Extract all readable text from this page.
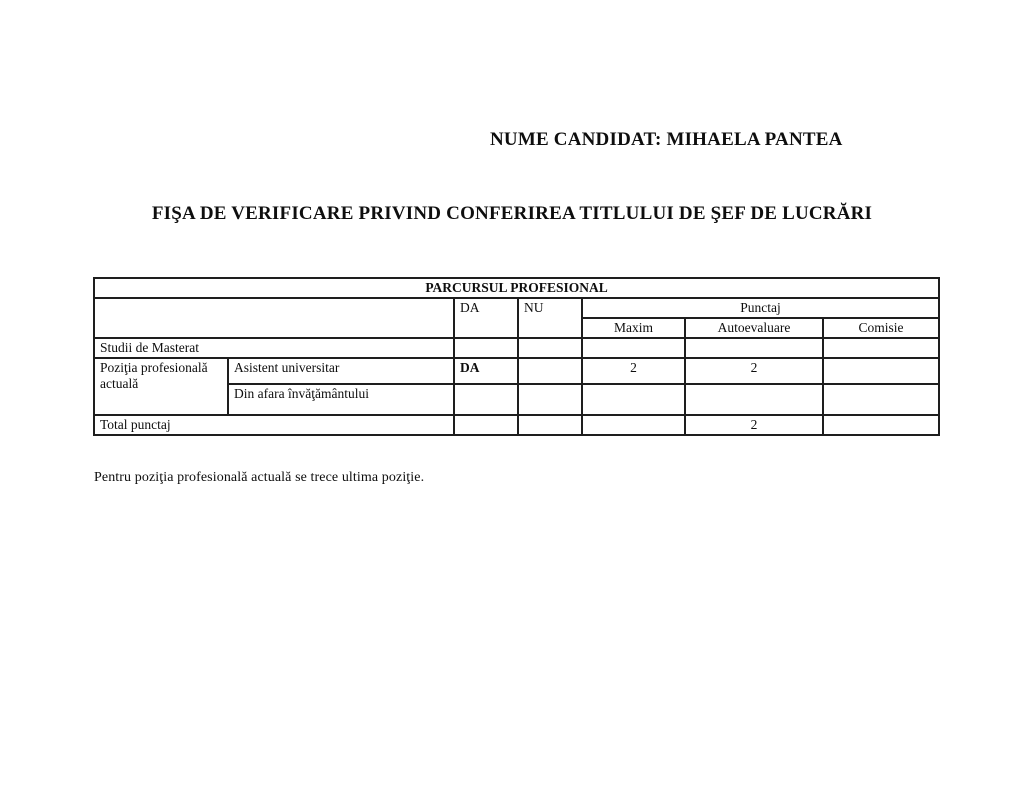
NUME CANDIDAT: MIHAELA PANTEA
FIŞA DE VERIFICARE PRIVIND CONFERIREA TITLULUI DE ŞEF DE LUCRĂRI
PARCURSUL PROFESIONAL						
		DA	NU	Punctaj		
				Maxim	Autoevaluare	Comisie
Studii de Masterat						
Poziţia profesională actuală	Asistent universitar	DA		2	2	
	Din afara învăţământului					
Total punctaj					2	
Pentru poziţia profesională actuală se trece ultima poziţie.
